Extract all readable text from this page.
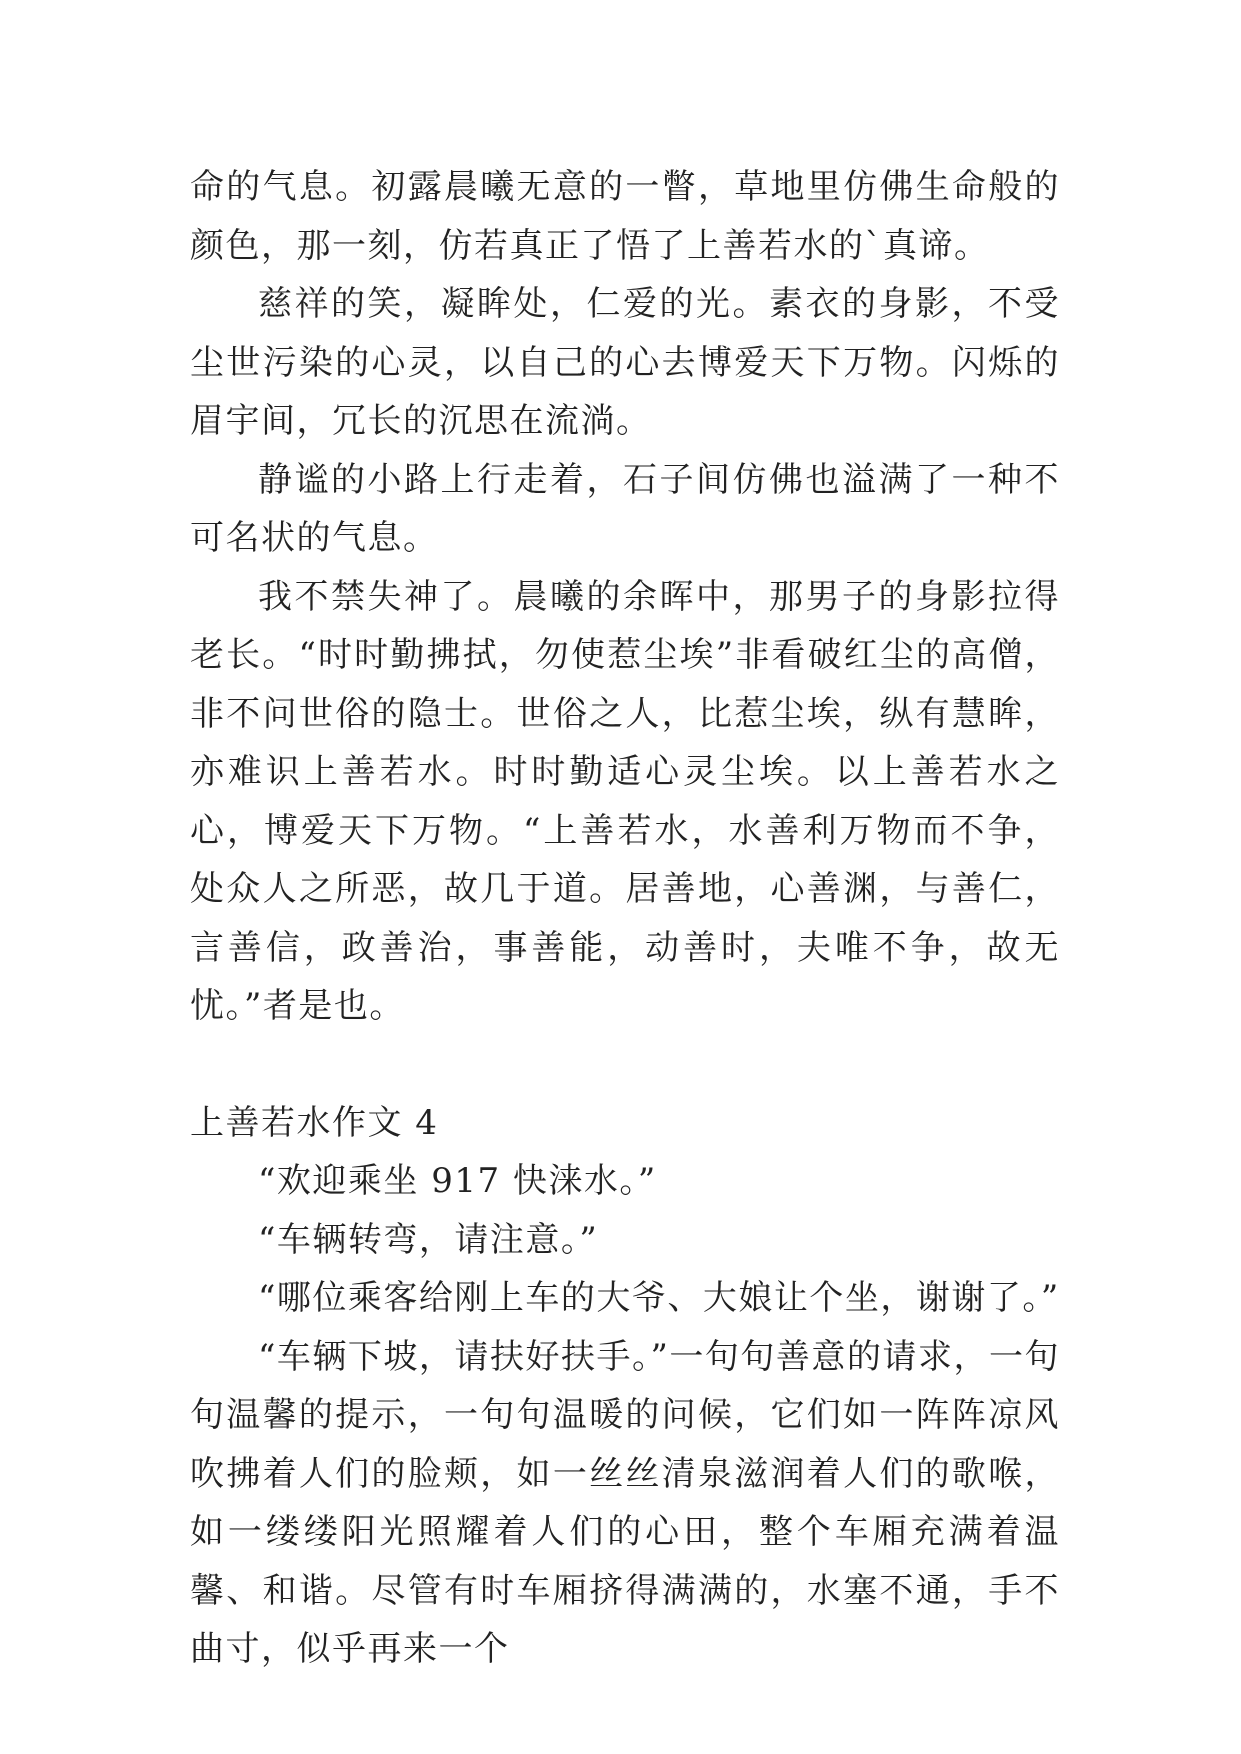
命的气息。初露晨曦无意的一瞥，草地里仿佛生命般的颜色，那一刻，仿若真正了悟了上善若水的`真谛。

慈祥的笑，凝眸处，仁爱的光。素衣的身影，不受尘世污染的心灵，以自己的心去博爱天下万物。闪烁的眉宇间，冗长的沉思在流淌。

静谧的小路上行走着，石子间仿佛也溢满了一种不可名状的气息。

我不禁失神了。晨曦的余晖中，那男子的身影拉得老长。“时时勤拂拭，勿使惹尘埃”非看破红尘的高僧，非不问世俗的隐士。世俗之人，比惹尘埃，纵有慧眸，亦难识上善若水。时时勤适心灵尘埃。以上善若水之心，博爱天下万物。“上善若水，水善利万物而不争，处众人之所恶，故几于道。居善地，心善渊，与善仁，言善信，政善治，事善能，动善时，夫唯不争，故无忧。”者是也。

上善若水作文 4

“欢迎乘坐 917 快涞水。”

“车辆转弯，请注意。”

“哪位乘客给刚上车的大爷、大娘让个坐，谢谢了。”

“车辆下坡，请扶好扶手。”一句句善意的请求，一句句温馨的提示，一句句温暖的问候，它们如一阵阵凉风吹拂着人们的脸颊，如一丝丝清泉滋润着人们的歌喉，如一缕缕阳光照耀着人们的心田，整个车厢充满着温馨、和谐。尽管有时车厢挤得满满的，水塞不通，手不曲寸，似乎再来一个
